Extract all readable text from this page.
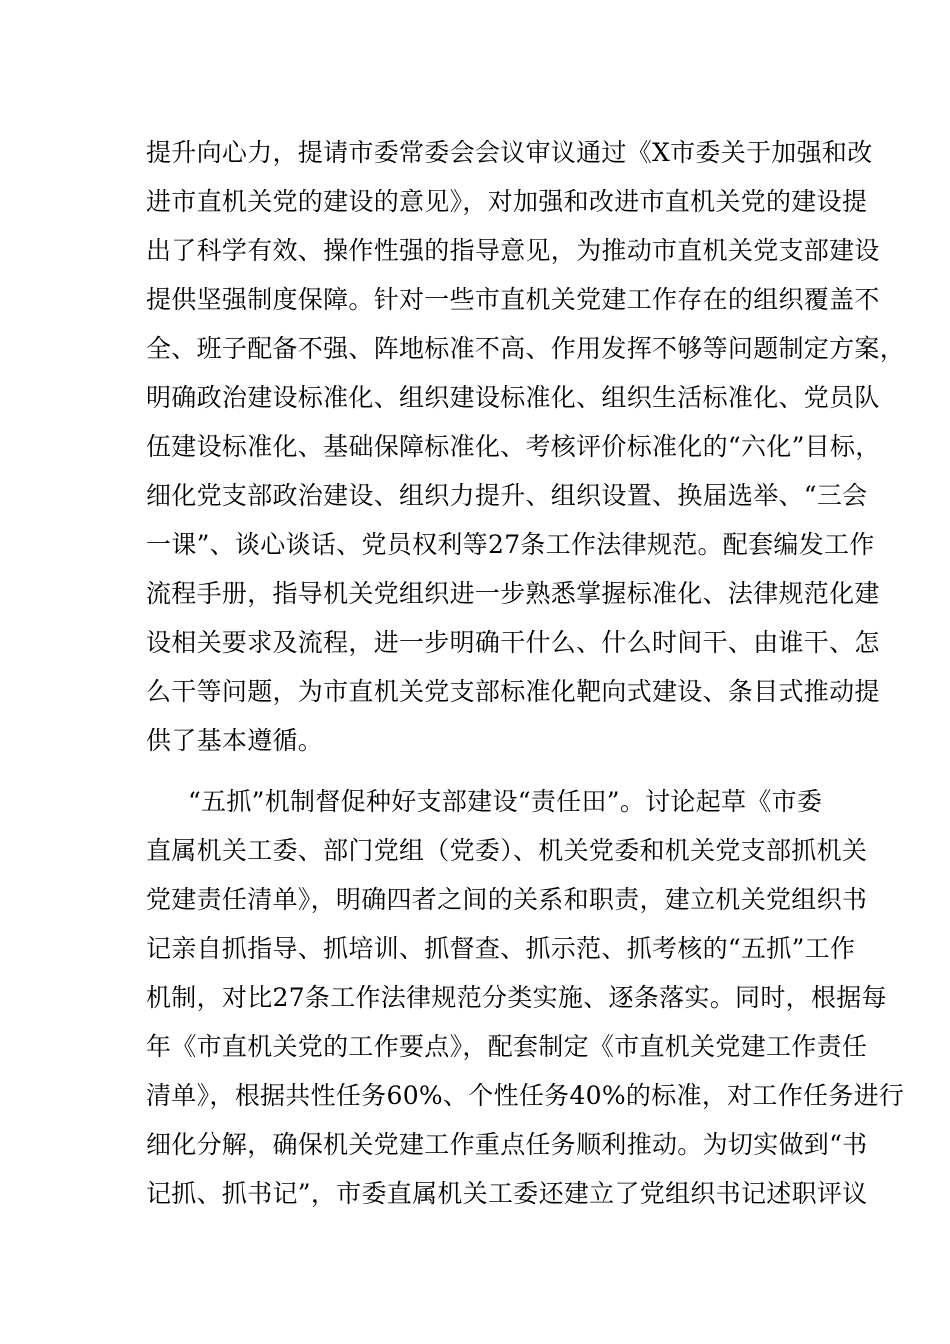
提升向心力，提请市委常委会会议审议通过《X市委关于加强和改
进市直机关党的建设的意见》，对加强和改进市直机关党的建设提
出了科学有效、操作性强的指导意见，为推动市直机关党支部建设
提供坚强制度保障。针对一些市直机关党建工作存在的组织覆盖不
全、班子配备不强、阵地标准不高、作用发挥不够等问题制定方案，
明确政治建设标准化、组织建设标准化、组织生活标准化、党员队
伍建设标准化、基础保障标准化、考核评价标准化的“六化”目标，
细化党支部政治建设、组织力提升、组织设置、换届选举、“三会
一课”、谈心谈话、党员权利等27条工作法律规范。配套编发工作
流程手册，指导机关党组织进一步熟悉掌握标准化、法律规范化建
设相关要求及流程，进一步明确干什么、什么时间干、由谁干、怎
么干等问题，为市直机关党支部标准化靶向式建设、条目式推动提
供了基本遵循。
“五抓”机制督促种好支部建设“责任田”。讨论起草《市委
直属机关工委、部门党组（党委）、机关党委和机关党支部抓机关
党建责任清单》，明确四者之间的关系和职责，建立机关党组织书
记亲自抓指导、抓培训、抓督查、抓示范、抓考核的“五抓”工作
机制，对比27条工作法律规范分类实施、逐条落实。同时，根据每
年《市直机关党的工作要点》，配套制定《市直机关党建工作责任
清单》，根据共性任务60%、个性任务40%的标准，对工作任务进行
细化分解，确保机关党建工作重点任务顺利推动。为切实做到“书
记抓、抓书记”，市委直属机关工委还建立了党组织书记述职评议
